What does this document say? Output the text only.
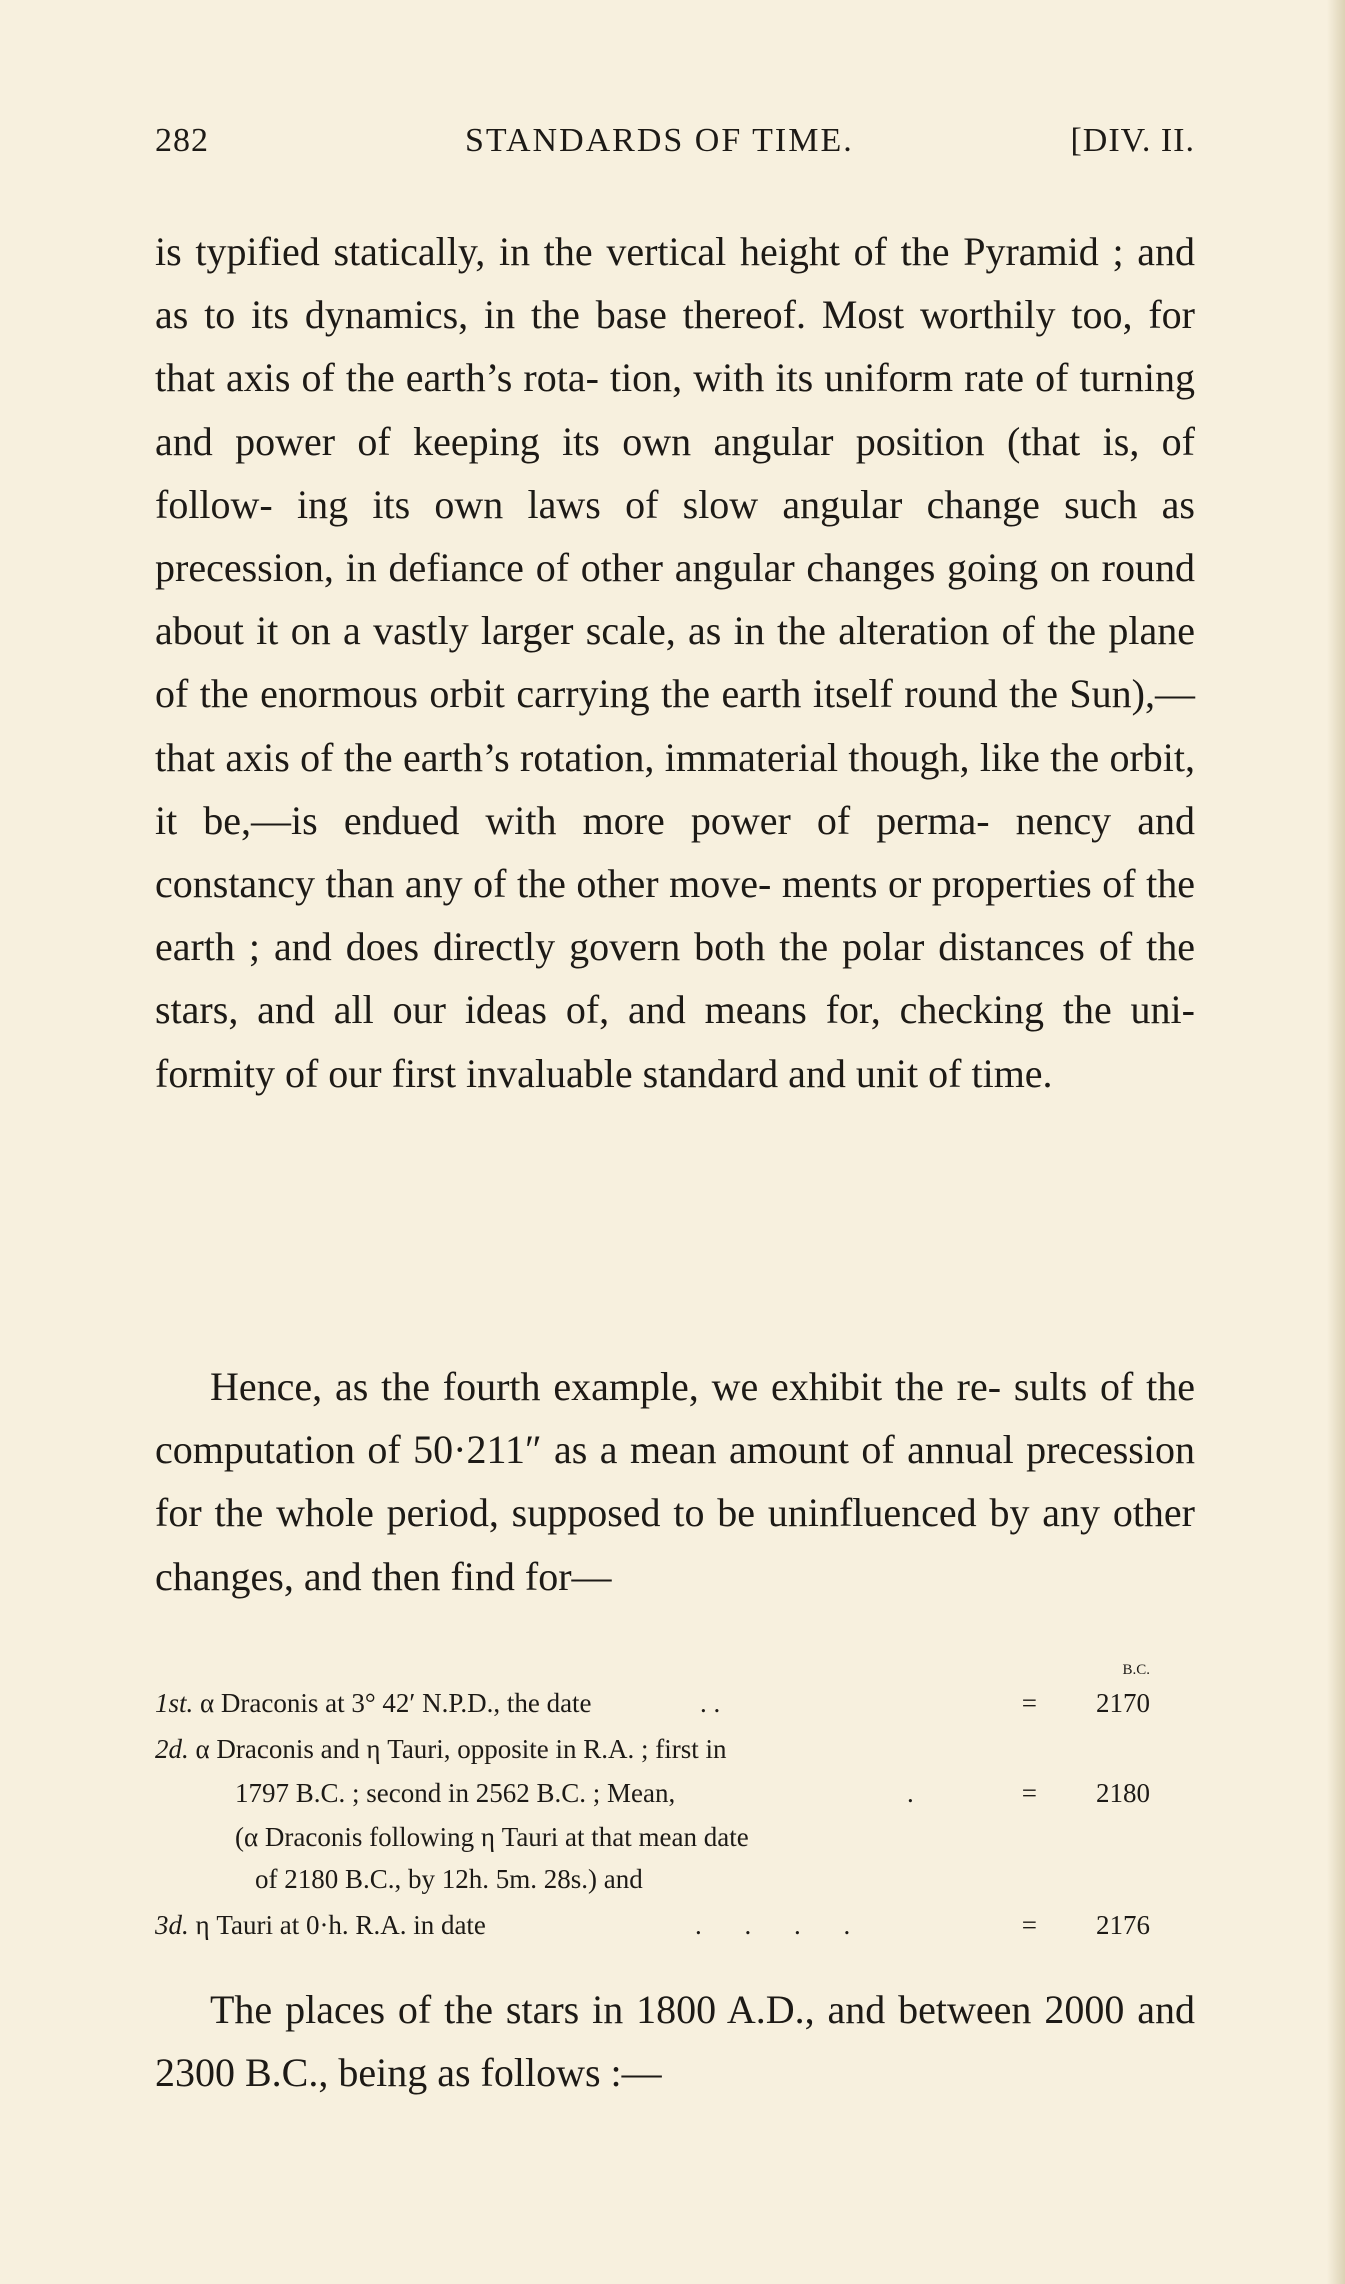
282	STANDARDS OF TIME.	[DIV. II.

is typified statically, in the vertical height of the Pyramid ; and as to its dynamics, in the base thereof. Most worthily too, for that axis of the earth’s rota- tion, with its uniform rate of turning and power of keeping its own angular position (that is, of follow- ing its own laws of slow angular change such as precession, in defiance of other angular changes going on round about it on a vastly larger scale, as in the alteration of the plane of the enormous orbit carrying the earth itself round the Sun),—that axis of the earth’s rotation, immaterial though, like the orbit, it be,—is endued with more power of perma- nency and constancy than any of the other move- ments or properties of the earth ; and does directly govern both the polar distances of the stars, and all our ideas of, and means for, checking the uni- formity of our first invaluable standard and unit of time.

Hence, as the fourth example, we exhibit the re- sults of the computation of 50·211″ as a mean amount of annual precession for the whole period, supposed to be uninfluenced by any other changes, and then find for—

B.C.
1st. α Draconis at 3° 42′ N.P.D., the date	. .	= 2170
2d. α Draconis and η Tauri, opposite in R.A. ; first in
1797 B.C. ; second in 2562 B.C. ; Mean,	.	= 2180
(α Draconis following η Tauri at that mean date
of 2180 B.C., by 12h. 5m. 28s.) and
3d. η Tauri at 0·h. R.A. in date	. . . .	= 2176

The places of the stars in 1800 A.D., and between 2000 and 2300 B.C., being as follows :—
